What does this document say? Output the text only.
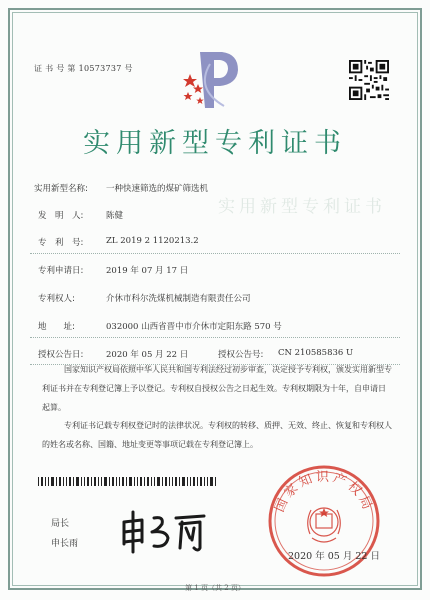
证 书 号 第 10573737 号
实用新型专利证书
实用新型专利证书
实用新型名称: 一种快速筛选的煤矿筛选机
发　明　人:	陈健
专　利　号:	ZL 2019 2 1120213.2
专利申请日:	2019 年 07 月 17 日
专利权人:	介休市科尔洗煤机械制造有限责任公司
地　　址:	032000 山西省晋中市介休市定阳东路 570 号
授权公告日:	2020 年 05 月 22 日	授权公告号: CN 210585836 U
国家知识产权局依照中华人民共和国专利法经过初步审查，决定授予专利权，颁发实用新型专利证书并在专利登记簿上予以登记。专利权自授权公告之日起生效。专利权期限为十年，自申请日起算。
专利证书记载专利权登记时的法律状况。专利权的转移、质押、无效、终止、恢复和专利权人的姓名或名称、国籍、地址变更等事项记载在专利登记簿上。
局长
申长雨
国家知识产权局
2020 年 05 月 22 日
第 1 页（共 2 页）
